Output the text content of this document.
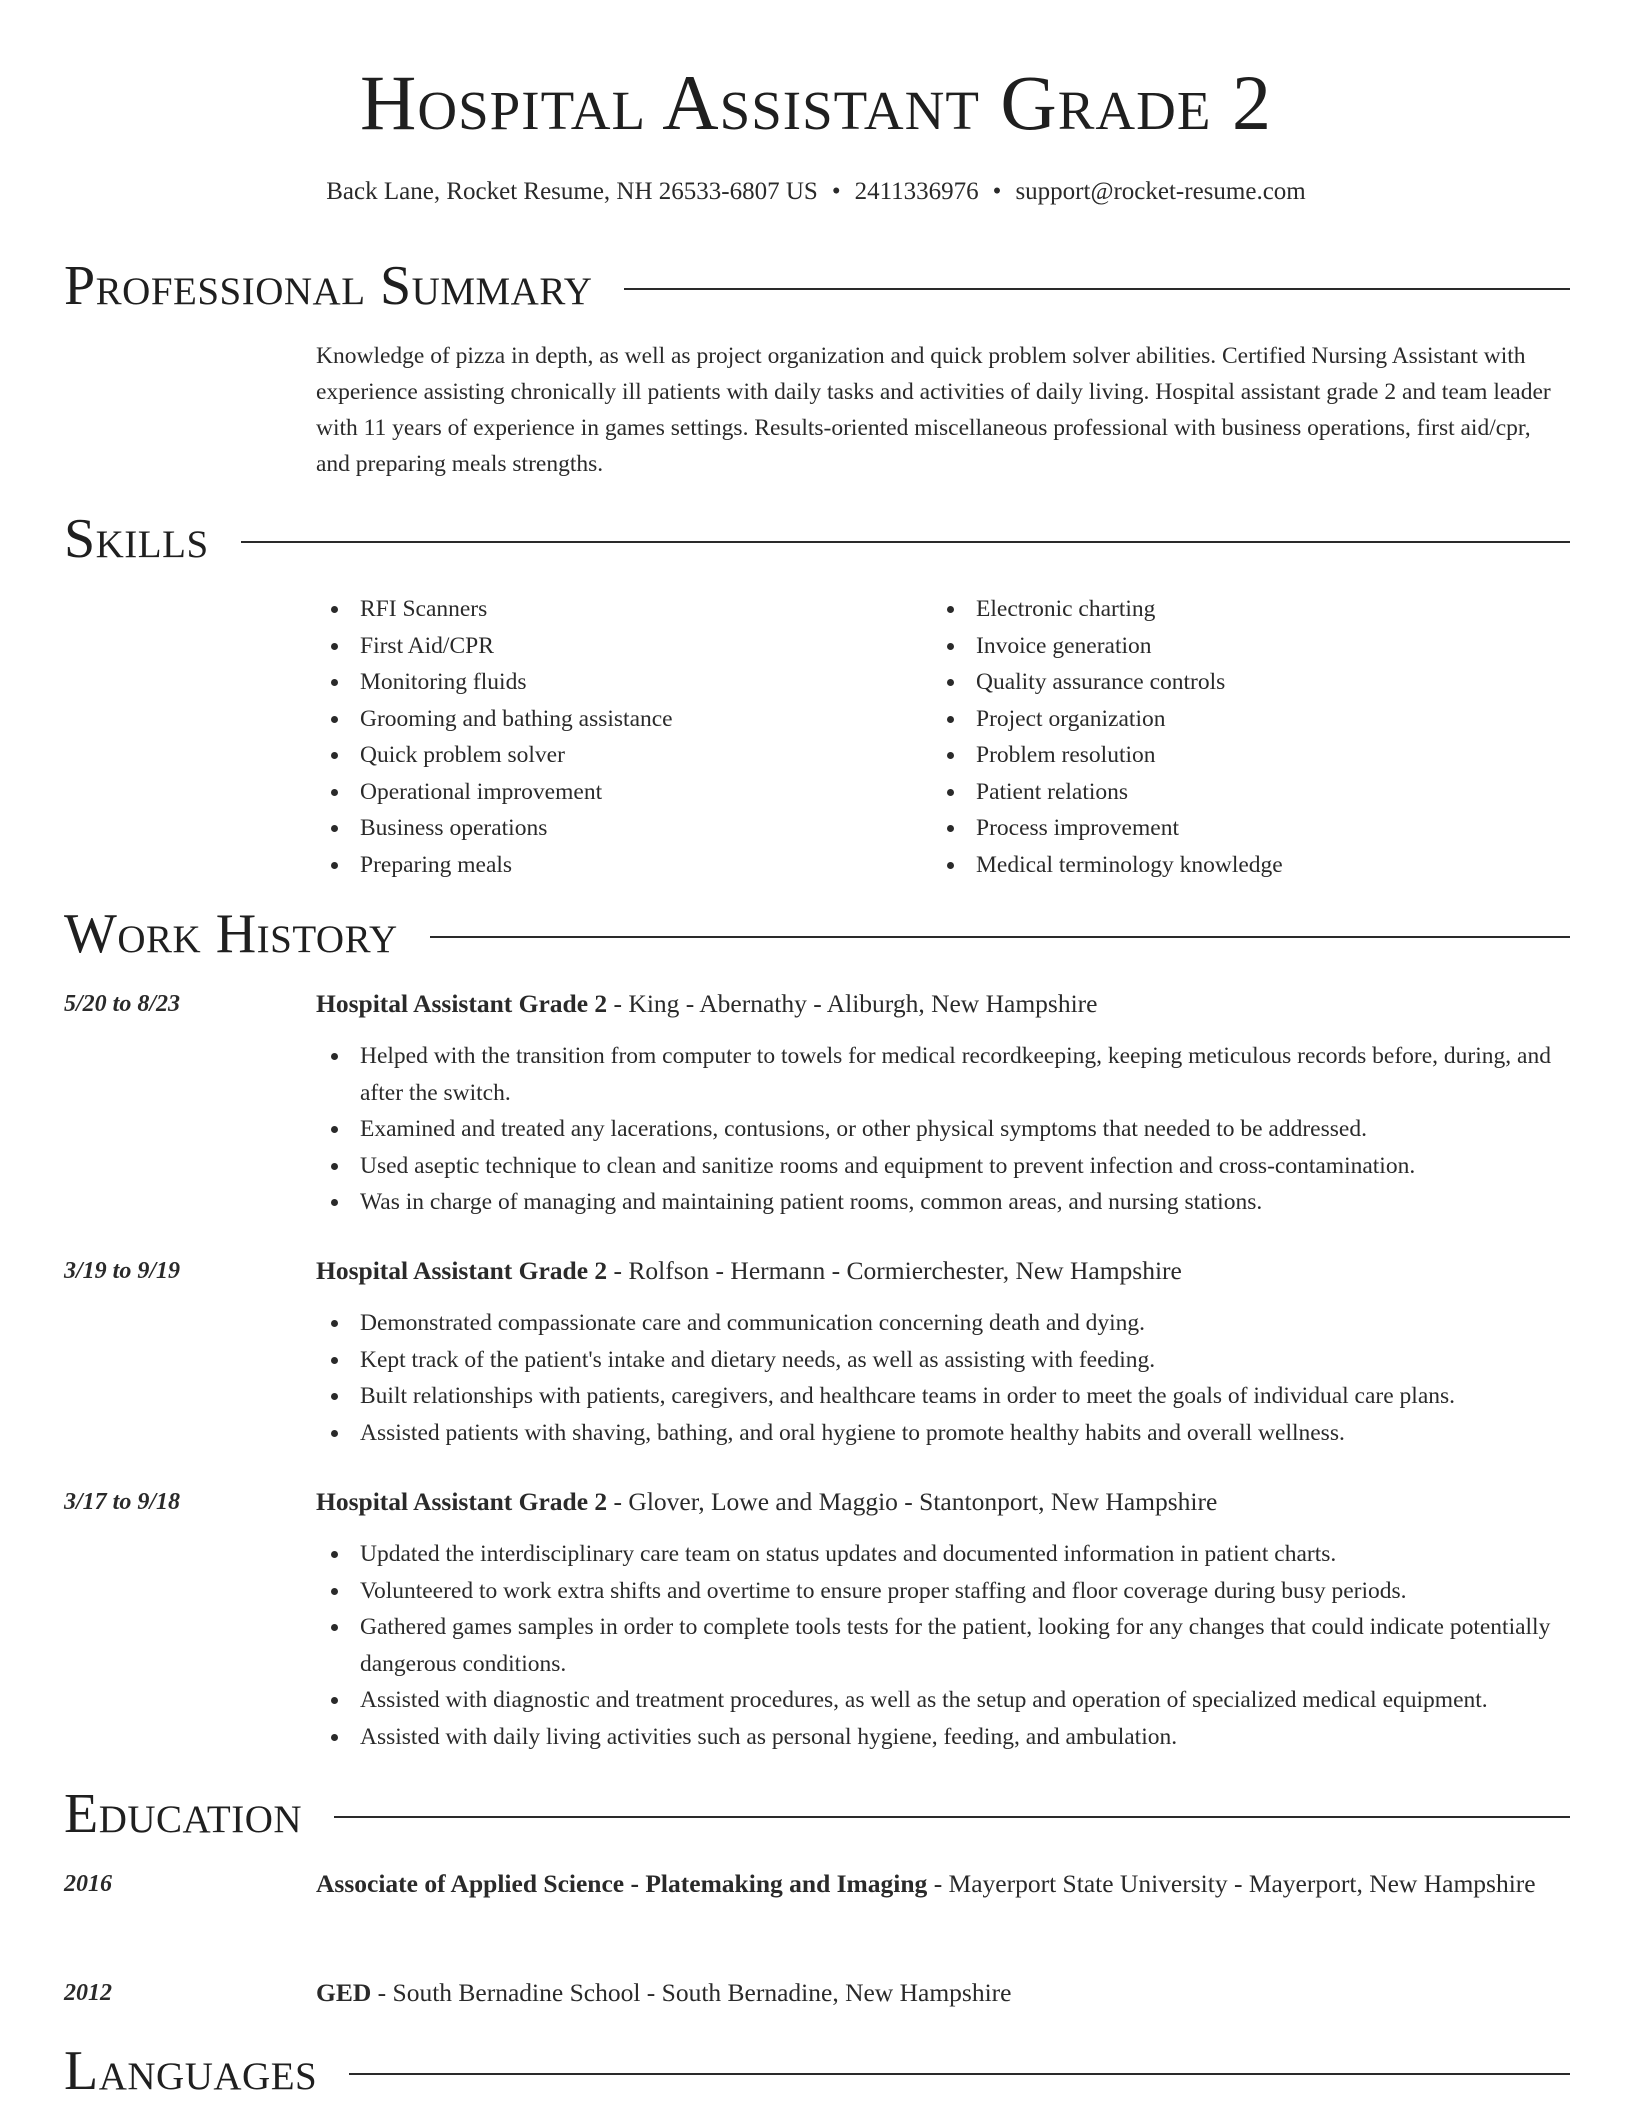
Hospital Assistant Grade 2
Back Lane, Rocket Resume, NH 26533-6807 US • 2411336976 • support@rocket-resume.com
Professional Summary
Knowledge of pizza in depth, as well as project organization and quick problem solver abilities. Certified Nursing Assistant with experience assisting chronically ill patients with daily tasks and activities of daily living. Hospital assistant grade 2 and team leader with 11 years of experience in games settings. Results-oriented miscellaneous professional with business operations, first aid/cpr, and preparing meals strengths.
Skills
RFI Scanners
First Aid/CPR
Monitoring fluids
Grooming and bathing assistance
Quick problem solver
Operational improvement
Business operations
Preparing meals
Electronic charting
Invoice generation
Quality assurance controls
Project organization
Problem resolution
Patient relations
Process improvement
Medical terminology knowledge
Work History
5/20 to 8/23	Hospital Assistant Grade 2 - King - Abernathy - Aliburgh, New Hampshire
Helped with the transition from computer to towels for medical recordkeeping, keeping meticulous records before, during, and after the switch.
Examined and treated any lacerations, contusions, or other physical symptoms that needed to be addressed.
Used aseptic technique to clean and sanitize rooms and equipment to prevent infection and cross-contamination.
Was in charge of managing and maintaining patient rooms, common areas, and nursing stations.
3/19 to 9/19	Hospital Assistant Grade 2 - Rolfson - Hermann - Cormierchester, New Hampshire
Demonstrated compassionate care and communication concerning death and dying.
Kept track of the patient's intake and dietary needs, as well as assisting with feeding.
Built relationships with patients, caregivers, and healthcare teams in order to meet the goals of individual care plans.
Assisted patients with shaving, bathing, and oral hygiene to promote healthy habits and overall wellness.
3/17 to 9/18	Hospital Assistant Grade 2 - Glover, Lowe and Maggio - Stantonport, New Hampshire
Updated the interdisciplinary care team on status updates and documented information in patient charts.
Volunteered to work extra shifts and overtime to ensure proper staffing and floor coverage during busy periods.
Gathered games samples in order to complete tools tests for the patient, looking for any changes that could indicate potentially dangerous conditions.
Assisted with diagnostic and treatment procedures, as well as the setup and operation of specialized medical equipment.
Assisted with daily living activities such as personal hygiene, feeding, and ambulation.
Education
2016	Associate of Applied Science - Platemaking and Imaging - Mayerport State University - Mayerport, New Hampshire
2012	GED - South Bernadine School - South Bernadine, New Hampshire
Languages
